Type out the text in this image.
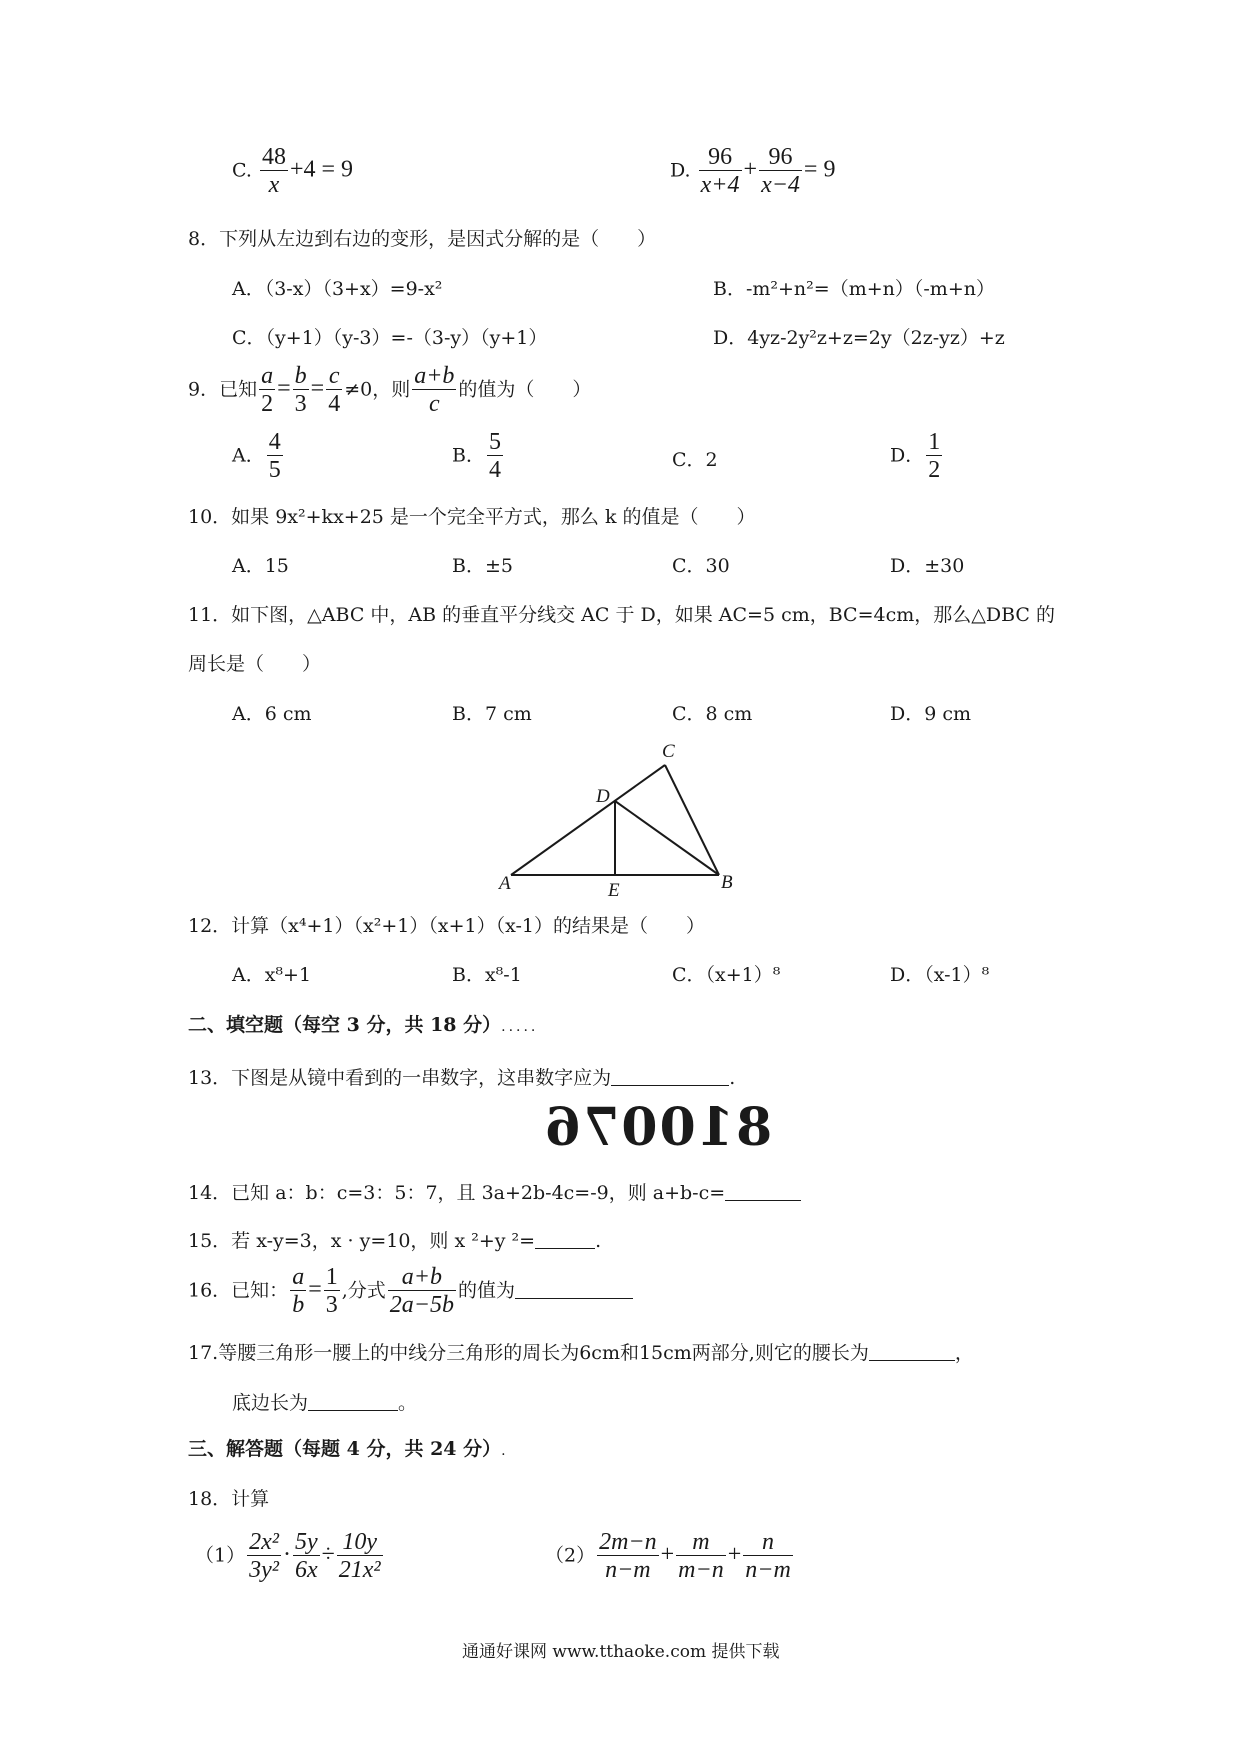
C. $\frac{48}{x} +4 = 9$	D. $\frac{96}{x+4} + \frac{96}{x-4} = 9$
8．下列从左边到右边的变形，是因式分解的是（　　）
A．（3-x）（3+x）=9-x²	B．-m²+n²=（m+n）（-m+n）
C．（y+1）（y-3）=-（3-y）（y+1）	D．4yz-2y²z+z=2y（2z-yz）+z
9．已知 $\frac{a}{2} = \frac{b}{3} = \frac{c}{4} \ne 0$，则 $\frac{a+b}{c}$ 的值为（　　）
A． $\frac{4}{5}$	B． $\frac{5}{4}$	C．2	D． $\frac{1}{2}$
10．如果 9x²+kx+25 是一个完全平方式，那么 k 的值是（　　）
A．15	B．±5	C．30	D．±30
11．如下图，△ABC 中，AB 的垂直平分线交 AC 于 D，如果 AC=5 cm，BC=4cm，那么△DBC 的
周长是（　　）
A．6 cm	B．7 cm	C．8 cm	D．9 cm
C
D
A	E	B
12．计算（x⁴+1）（x²+1）（x+1）（x-1）的结果是（　　）
A．x⁸+1	B．x⁸-1	C．（x+1）⁸	D．（x-1）⁸
二、填空题（每空 3 分，共 18 分）.....
13．下图是从镜中看到的一串数字，这串数字应为	.
810076
14．已知 a：b：c=3：5：7，且 3a+2b-4c=-9，则 a+b-c=
15．若 x-y=3，x · y=10，则 x ²+y ²=	.
16．已知： $\frac{a}{b} = \frac{1}{3}$ ,分式 $\frac{a+b}{2a-5b}$ 的值为
17.等腰三角形一腰上的中线分三角形的周长为6cm和15cm两部分,则它的腰长为	，
底边长为	。
三、解答题（每题 4 分，共 24 分）.
18．计算
$(1) \frac{\text{2x²}}{\text{3y²}} \cdot \frac{5y}{6x} \div \frac{10y}{\text{21x²}}$	$(2) \frac{2m-n}{n-m} + \frac{m}{m-n} + \frac{n}{n-m}$
通通好课网 www.tthaoke.com 提供下载
